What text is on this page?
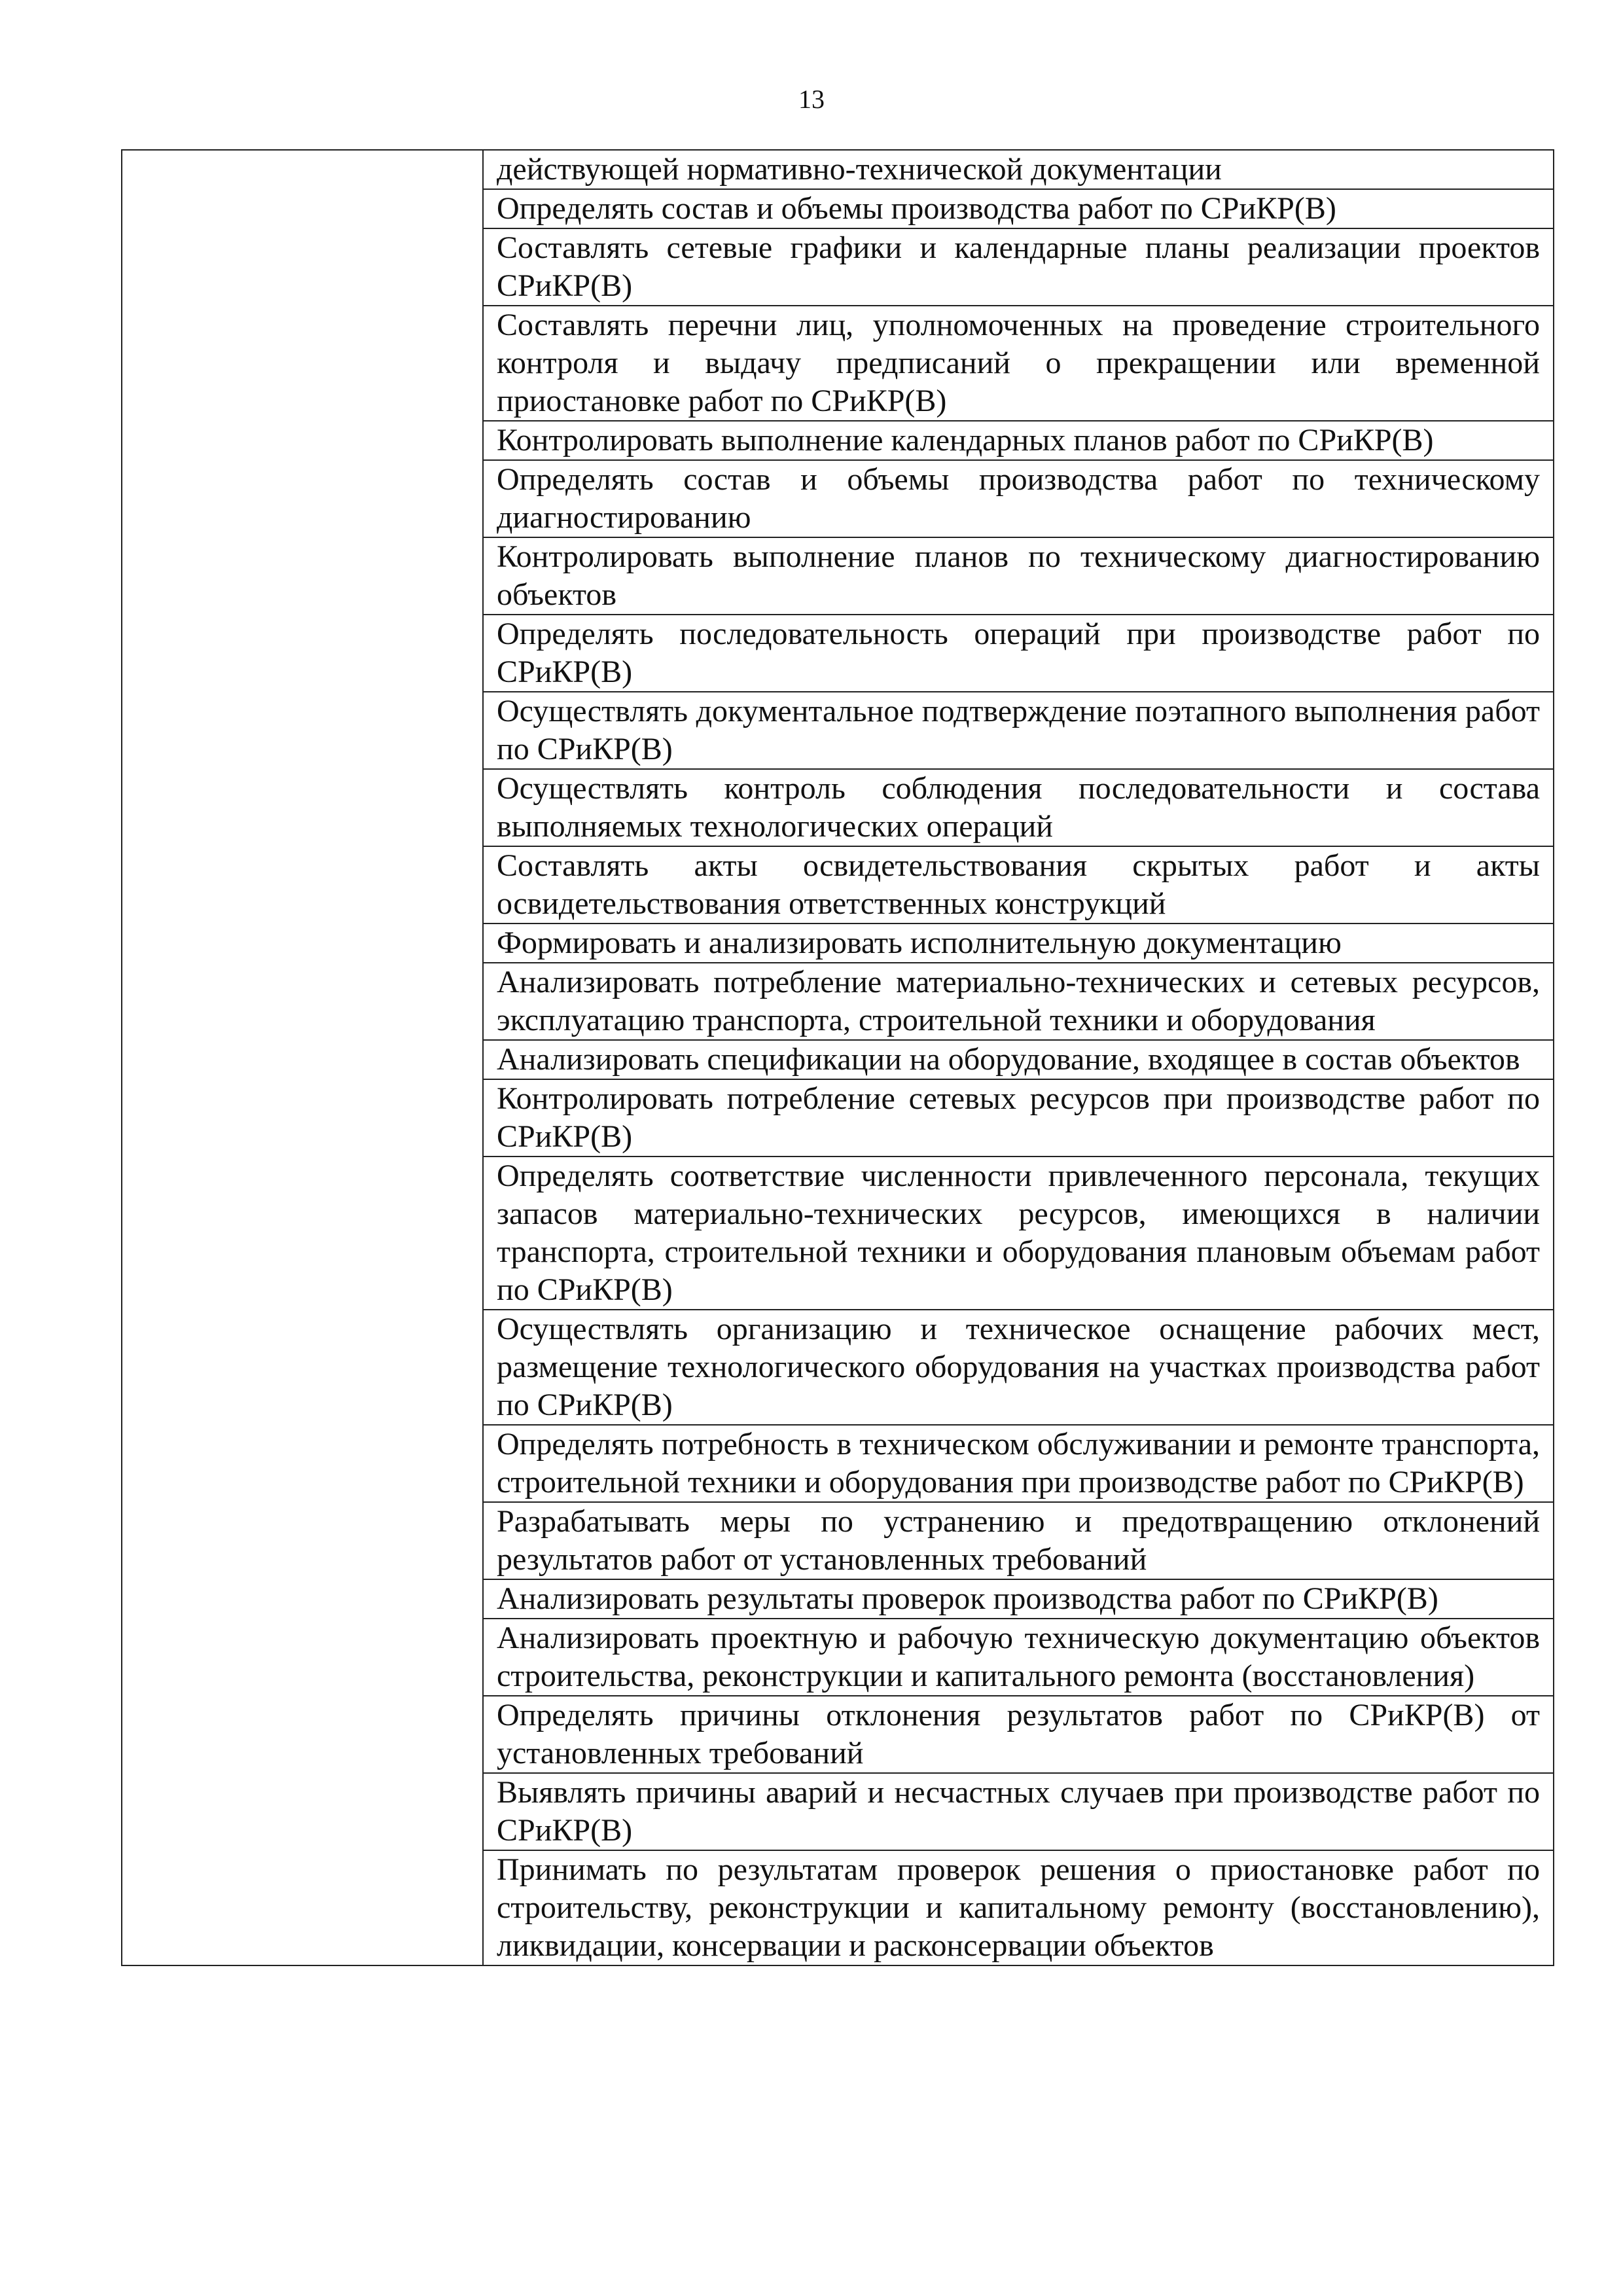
13

действующей нормативно-технической документации

Определять состав и объемы производства работ по СРиКР(В)

Составлять сетевые графики и календарные планы реализации проектов СРиКР(В)

Составлять перечни лиц, уполномоченных на проведение строительного контроля и выдачу предписаний о прекращении или временной приостановке работ по СРиКР(В)

Контролировать выполнение календарных планов работ по СРиКР(В)

Определять состав и объемы производства работ по техническому диагностированию

Контролировать выполнение планов по техническому диагностированию объектов

Определять последовательность операций при производстве работ по СРиКР(В)

Осуществлять документальное подтверждение поэтапного выполнения работ по СРиКР(В)

Осуществлять контроль соблюдения последовательности и состава выполняемых технологических операций

Составлять акты освидетельствования скрытых работ и акты освидетельствования ответственных конструкций

Формировать и анализировать исполнительную документацию

Анализировать потребление материально-технических и сетевых ресурсов, эксплуатацию транспорта, строительной техники и оборудования

Анализировать спецификации на оборудование, входящее в состав объектов

Контролировать потребление сетевых ресурсов при производстве работ по СРиКР(В)

Определять соответствие численности привлеченного персонала, текущих запасов материально-технических ресурсов, имеющихся в наличии транспорта, строительной техники и оборудования плановым объемам работ по СРиКР(В)

Осуществлять организацию и техническое оснащение рабочих мест, размещение технологического оборудования на участках производства работ по СРиКР(В)

Определять потребность в техническом обслуживании и ремонте транспорта, строительной техники и оборудования при производстве работ по СРиКР(В)

Разрабатывать меры по устранению и предотвращению отклонений результатов работ от установленных требований

Анализировать результаты проверок производства работ по СРиКР(В)

Анализировать проектную и рабочую техническую документацию объектов строительства, реконструкции и капитального ремонта (восстановления)

Определять причины отклонения результатов работ по СРиКР(В) от установленных требований

Выявлять причины аварий и несчастных случаев при производстве работ по СРиКР(В)

Принимать по результатам проверок решения о приостановке работ по строительству, реконструкции и капитальному ремонту (восстановлению), ликвидации, консервации и расконсервации объектов
